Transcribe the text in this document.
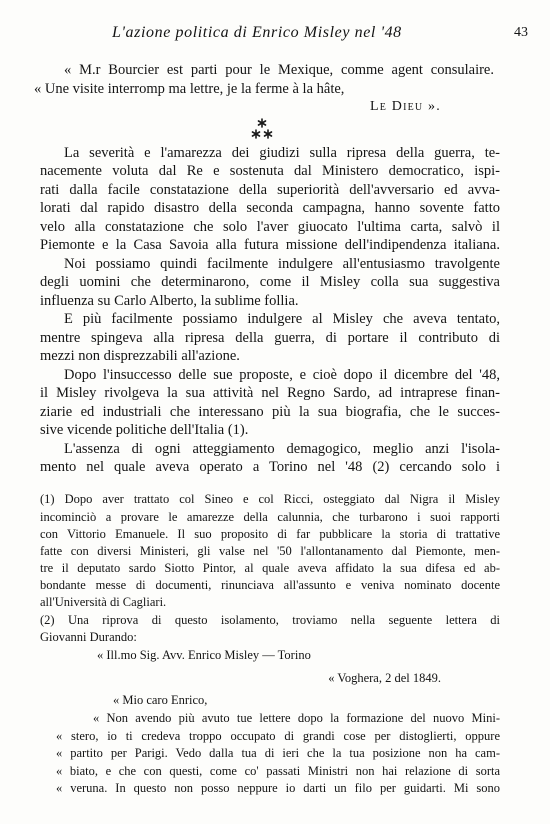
L'azione politica di Enrico Misley nel '48	43
« M.r Bourcier est parti pour le Mexique, comme agent consulaire.
« Une visite interromp ma lettre, je la ferme à la hâte,
Le Dieu ».
La severità e l'amarezza dei giudizi sulla ripresa della guerra, te-
nacemente voluta dal Re e sostenuta dal Ministero democratico, ispi-
rati dalla facile constatazione della superiorità dell'avversario ed avva-
lorati dal rapido disastro della seconda campagna, hanno sovente fatto
velo alla constatazione che solo l'aver giuocato l'ultima carta, salvò il
Piemonte e la Casa Savoia alla futura missione dell'indipendenza italiana.
Noi possiamo quindi facilmente indulgere all'entusiasmo travolgente
degli uomini che determinarono, come il Misley colla sua suggestiva
influenza su Carlo Alberto, la sublime follia.
E più facilmente possiamo indulgere al Misley che aveva tentato,
mentre spingeva alla ripresa della guerra, di portare il contributo di
mezzi non disprezzabili all'azione.
Dopo l'insuccesso delle sue proposte, e cioè dopo il dicembre del '48,
il Misley rivolgeva la sua attività nel Regno Sardo, ad intraprese finan-
ziarie ed industriali che interessano più la sua biografia, che le succes-
sive vicende politiche dell'Italia (1).
L'assenza di ogni atteggiamento demagogico, meglio anzi l'isola-
mento nel quale aveva operato a Torino nel '48 (2) cercando solo i
(1) Dopo aver trattato col Sineo e col Ricci, osteggiato dal Nigra il Misley
incominciò a provare le amarezze della calunnia, che turbarono i suoi rapporti
con Vittorio Emanuele. Il suo proposito di far pubblicare la storia di trattative
fatte con diversi Ministeri, gli valse nel '50 l'allontanamento dal Piemonte, men-
tre il deputato sardo Siotto Pintor, al quale aveva affidato la sua difesa ed ab-
bondante messe di documenti, rinunciava all'assunto e veniva nominato docente
all'Università di Cagliari.
(2) Una riprova di questo isolamento, troviamo nella seguente lettera di
Giovanni Durando:
« Ill.mo Sig. Avv. Enrico Misley — Torino
« Voghera, 2 del 1849.
« Mio caro Enrico,
« Non avendo più avuto tue lettere dopo la formazione del nuovo Mini-
« stero, io ti credeva troppo occupato di grandi cose per distoglierti, oppure
« partito per Parigi. Vedo dalla tua di ieri che la tua posizione non ha cam-
« biato, e che con questi, come co' passati Ministri non hai relazione di sorta
« veruna. In questo non posso neppure io darti un filo per guidarti. Mi sono
